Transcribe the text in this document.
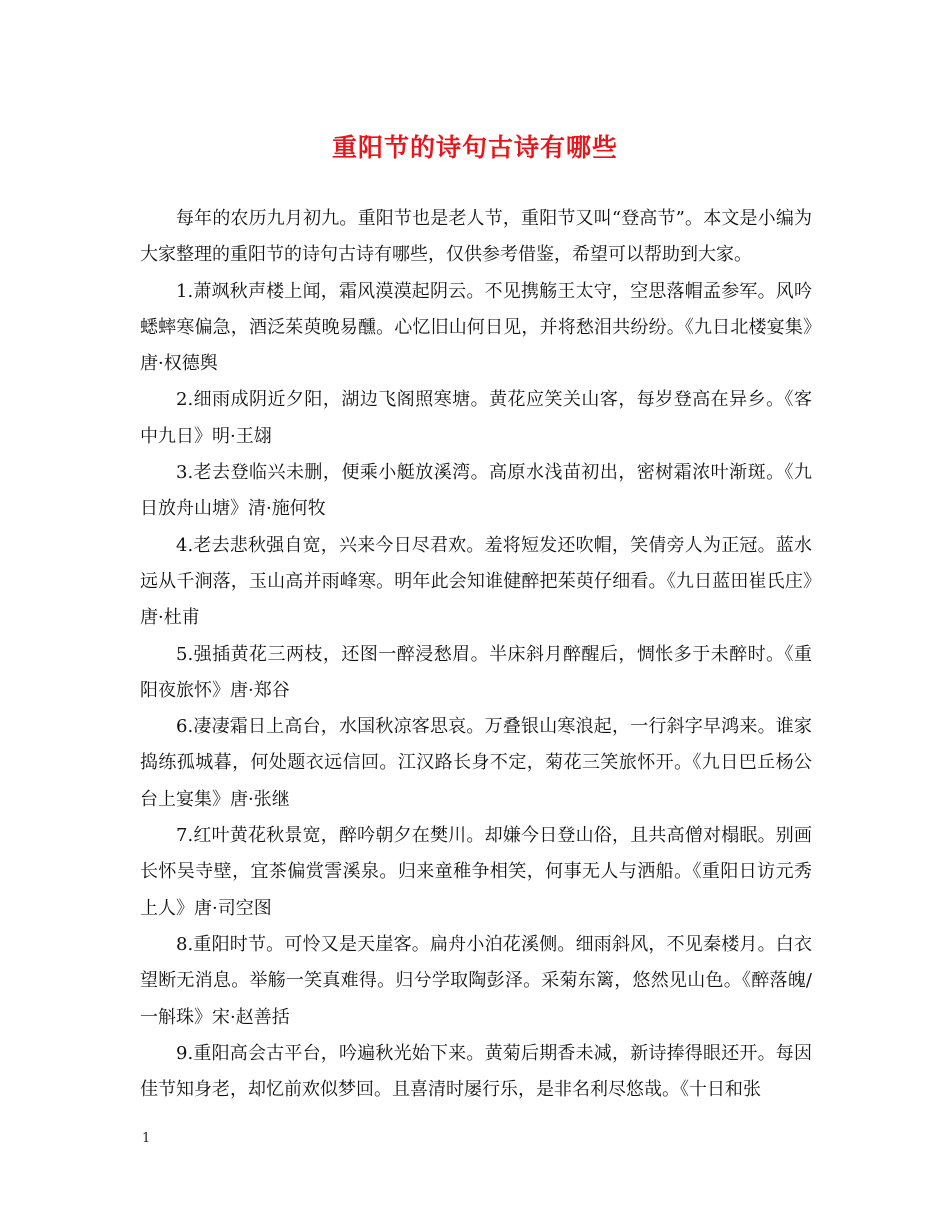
重阳节的诗句古诗有哪些

每年的农历九月初九。重阳节也是老人节，重阳节又叫“登高节”。本文是小编为大家整理的重阳节的诗句古诗有哪些，仅供参考借鉴，希望可以帮助到大家。

1.萧飒秋声楼上闻，霜风漠漠起阴云。不见携觞王太守，空思落帽孟参军。风吟蟋蟀寒偏急，酒泛茱萸晚易醺。心忆旧山何日见，并将愁泪共纷纷。《九日北楼宴集》唐·权德舆

2.细雨成阴近夕阳，湖边飞阁照寒塘。黄花应笑关山客，每岁登高在异乡。《客中九日》明·王翃

3.老去登临兴未删，便乘小艇放溪湾。高原水浅苗初出，密树霜浓叶渐斑。《九日放舟山塘》清·施何牧

4.老去悲秋强自宽，兴来今日尽君欢。羞将短发还吹帽，笑倩旁人为正冠。蓝水远从千涧落，玉山高并雨峰寒。明年此会知谁健醉把茱萸仔细看。《九日蓝田崔氏庄》唐·杜甫

5.强插黄花三两枝，还图一醉浸愁眉。半床斜月醉醒后，惆怅多于未醉时。《重阳夜旅怀》唐·郑谷

6.凄凄霜日上高台，水国秋凉客思哀。万叠银山寒浪起，一行斜字早鸿来。谁家捣练孤城暮，何处题衣远信回。江汉路长身不定，菊花三笑旅怀开。《九日巴丘杨公台上宴集》唐·张继

7.红叶黄花秋景宽，醉吟朝夕在樊川。却嫌今日登山俗，且共高僧对榻眠。别画长怀吴寺壁，宜茶偏赏霅溪泉。归来童稚争相笑，何事无人与洒船。《重阳日访元秀上人》唐·司空图

8.重阳时节。可怜又是天崖客。扁舟小泊花溪侧。细雨斜风，不见秦楼月。白衣望断无消息。举觞一笑真难得。归兮学取陶彭泽。采菊东篱，悠然见山色。《醉落魄/一斛珠》宋·赵善括

9.重阳高会古平台，吟遍秋光始下来。黄菊后期香未减，新诗捧得眼还开。每因佳节知身老，却忆前欢似梦回。且喜清时屡行乐，是非名利尽悠哉。《十日和张

1
